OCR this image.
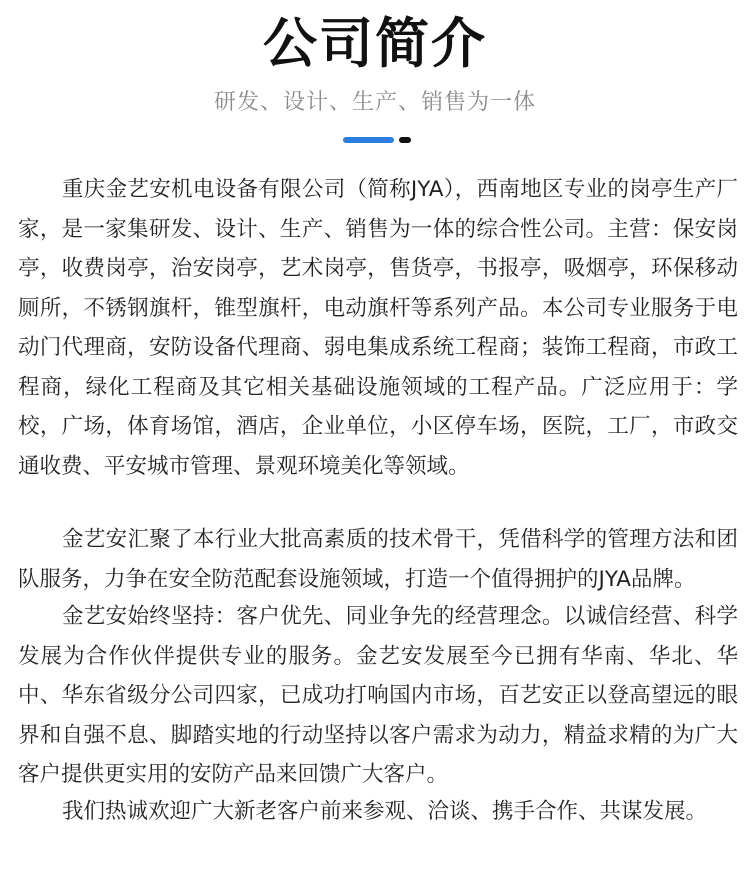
公司简介
研发、设计、生产、销售为一体

重庆金艺安机电设备有限公司（简称JYA），西南地区专业的岗亭生产厂家，是一家集研发、设计、生产、销售为一体的综合性公司。主营：保安岗亭，收费岗亭，治安岗亭，艺术岗亭，售货亭，书报亭，吸烟亭，环保移动厕所，不锈钢旗杆，锥型旗杆，电动旗杆等系列产品。本公司专业服务于电动门代理商，安防设备代理商、弱电集成系统工程商；装饰工程商，市政工程商，绿化工程商及其它相关基础设施领域的工程产品。广泛应用于：学校，广场，体育场馆，酒店，企业单位，小区停车场，医院，工厂，市政交通收费、平安城市管理、景观环境美化等领域。

金艺安汇聚了本行业大批高素质的技术骨干，凭借科学的管理方法和团队服务，力争在安全防范配套设施领域，打造一个值得拥护的JYA品牌。

金艺安始终坚持：客户优先、同业争先的经营理念。以诚信经营、科学发展为合作伙伴提供专业的服务。金艺安发展至今已拥有华南、华北、华中、华东省级分公司四家，已成功打响国内市场，百艺安正以登高望远的眼界和自强不息、脚踏实地的行动坚持以客户需求为动力，精益求精的为广大客户提供更实用的安防产品来回馈广大客户。

我们热诚欢迎广大新老客户前来参观、洽谈、携手合作、共谋发展。
